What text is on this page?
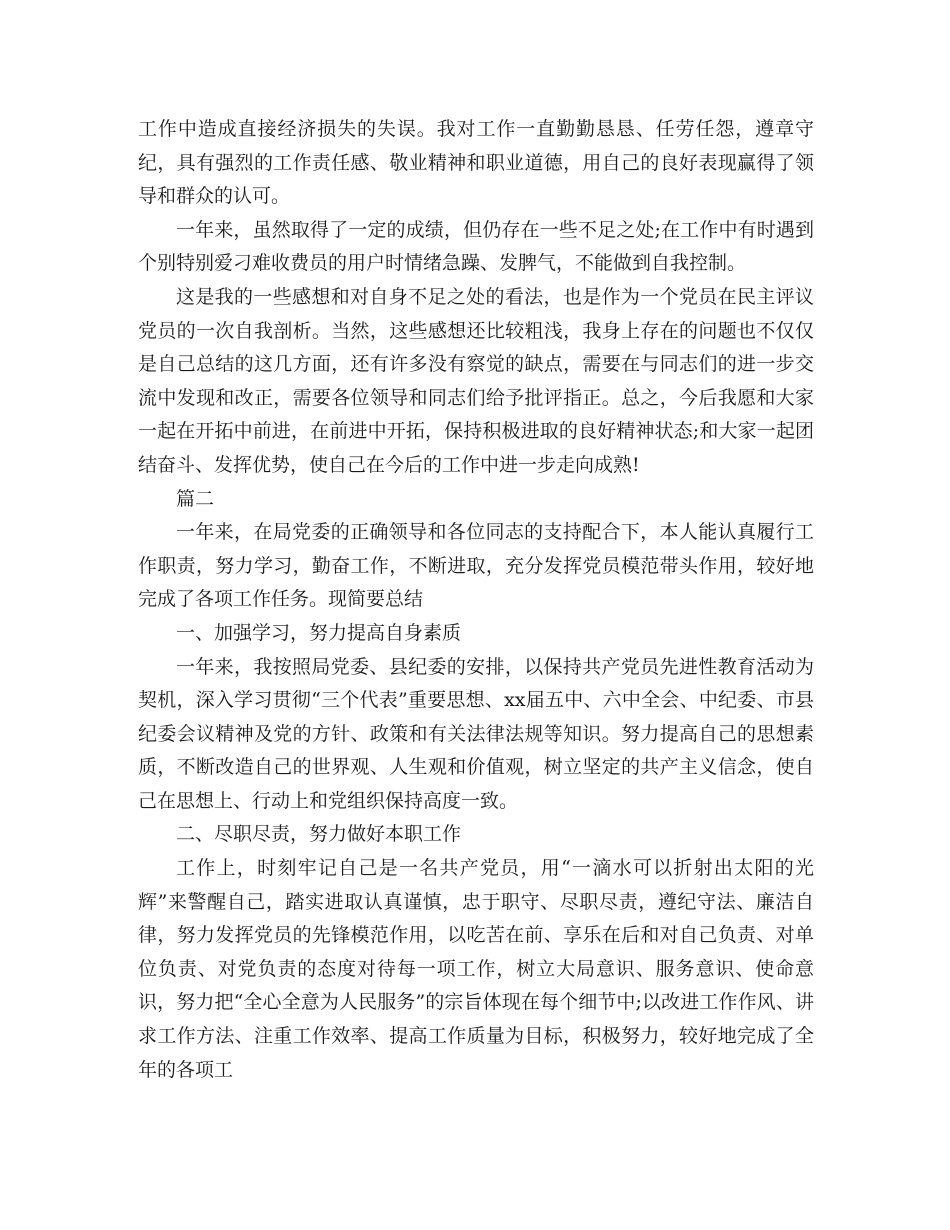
工作中造成直接经济损失的失误。我对工作一直勤勤恳恳、任劳任怨，遵章守纪，具有强烈的工作责任感、敬业精神和职业道德，用自己的良好表现赢得了领导和群众的认可。

一年来，虽然取得了一定的成绩，但仍存在一些不足之处;在工作中有时遇到个别特别爱刁难收费员的用户时情绪急躁、发脾气，不能做到自我控制。

这是我的一些感想和对自身不足之处的看法，也是作为一个党员在民主评议党员的一次自我剖析。当然，这些感想还比较粗浅，我身上存在的问题也不仅仅是自己总结的这几方面，还有许多没有察觉的缺点，需要在与同志们的进一步交流中发现和改正，需要各位领导和同志们给予批评指正。总之，今后我愿和大家一起在开拓中前进，在前进中开拓，保持积极进取的良好精神状态;和大家一起团结奋斗、发挥优势，使自己在今后的工作中进一步走向成熟!

篇二

一年来，在局党委的正确领导和各位同志的支持配合下，本人能认真履行工作职责，努力学习，勤奋工作，不断进取，充分发挥党员模范带头作用，较好地完成了各项工作任务。现简要总结

一、加强学习，努力提高自身素质

一年来，我按照局党委、县纪委的安排，以保持共产党员先进性教育活动为契机，深入学习贯彻“三个代表”重要思想、xx届五中、六中全会、中纪委、市县纪委会议精神及党的方针、政策和有关法律法规等知识。努力提高自己的思想素质，不断改造自己的世界观、人生观和价值观，树立坚定的共产主义信念，使自己在思想上、行动上和党组织保持高度一致。

二、尽职尽责，努力做好本职工作

工作上，时刻牢记自己是一名共产党员，用“一滴水可以折射出太阳的光辉”来警醒自己，踏实进取认真谨慎，忠于职守、尽职尽责，遵纪守法、廉洁自律，努力发挥党员的先锋模范作用，以吃苦在前、享乐在后和对自己负责、对单位负责、对党负责的态度对待每一项工作，树立大局意识、服务意识、使命意识，努力把“全心全意为人民服务”的宗旨体现在每个细节中;以改进工作作风、讲求工作方法、注重工作效率、提高工作质量为目标，积极努力，较好地完成了全年的各项工
